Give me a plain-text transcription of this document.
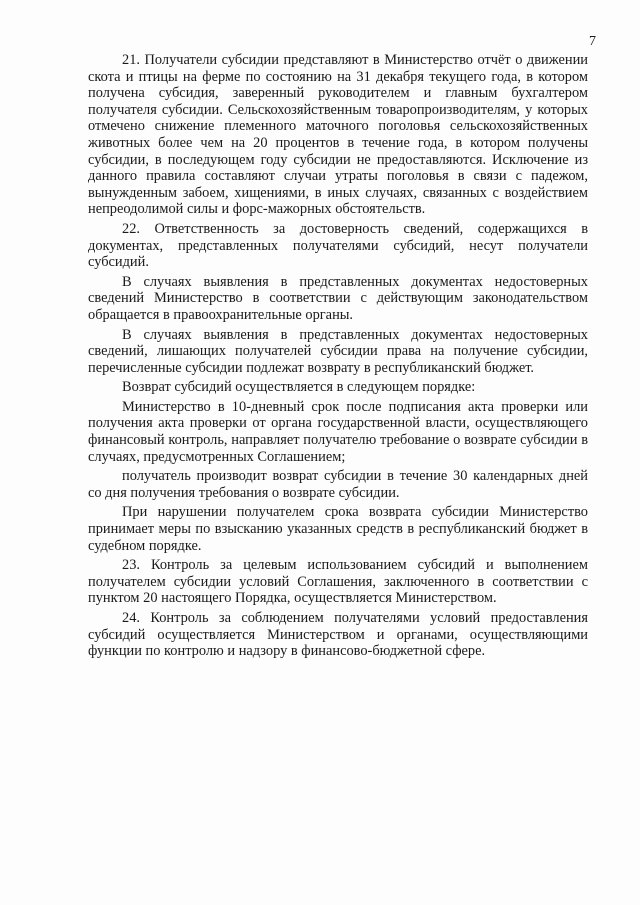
7

21. Получатели субсидии представляют в Министерство отчёт о движении скота и птицы на ферме по состоянию на 31 декабря текущего года, в котором получена субсидия, заверенный руководителем и главным бухгалтером получателя субсидии. Сельскохозяйственным товаропроизводителям, у которых отмечено снижение племенного маточного поголовья сельскохозяйственных животных более чем на 20 процентов в течение года, в котором получены субсидии, в последующем году субсидии не предоставляются. Исключение из данного правила составляют случаи утраты поголовья в связи с падежом, вынужденным забоем, хищениями, в иных случаях, связанных с воздействием непреодолимой силы и форс-мажорных обстоятельств.

22. Ответственность за достоверность сведений, содержащихся в документах, представленных получателями субсидий, несут получатели субсидий.

В случаях выявления в представленных документах недостоверных сведений Министерство в соответствии с действующим законодательством обращается в правоохранительные органы.

В случаях выявления в представленных документах недостоверных сведений, лишающих получателей субсидии права на получение субсидии, перечисленные субсидии подлежат возврату в республиканский бюджет.

Возврат субсидий осуществляется в следующем порядке:

Министерство в 10-дневный срок после подписания акта проверки или получения акта проверки от органа государственной власти, осуществляющего финансовый контроль, направляет получателю требование о возврате субсидии в случаях, предусмотренных Соглашением;

получатель производит возврат субсидии в течение 30 календарных дней со дня получения требования о возврате субсидии.

При нарушении получателем срока возврата субсидии Министерство принимает меры по взысканию указанных средств в республиканский бюджет в судебном порядке.

23. Контроль за целевым использованием субсидий и выполнением получателем субсидии условий Соглашения, заключенного в соответствии с пунктом 20 настоящего Порядка, осуществляется Министерством.

24. Контроль за соблюдением получателями условий предоставления субсидий осуществляется Министерством и органами, осуществляющими функции по контролю и надзору в финансово-бюджетной сфере.
